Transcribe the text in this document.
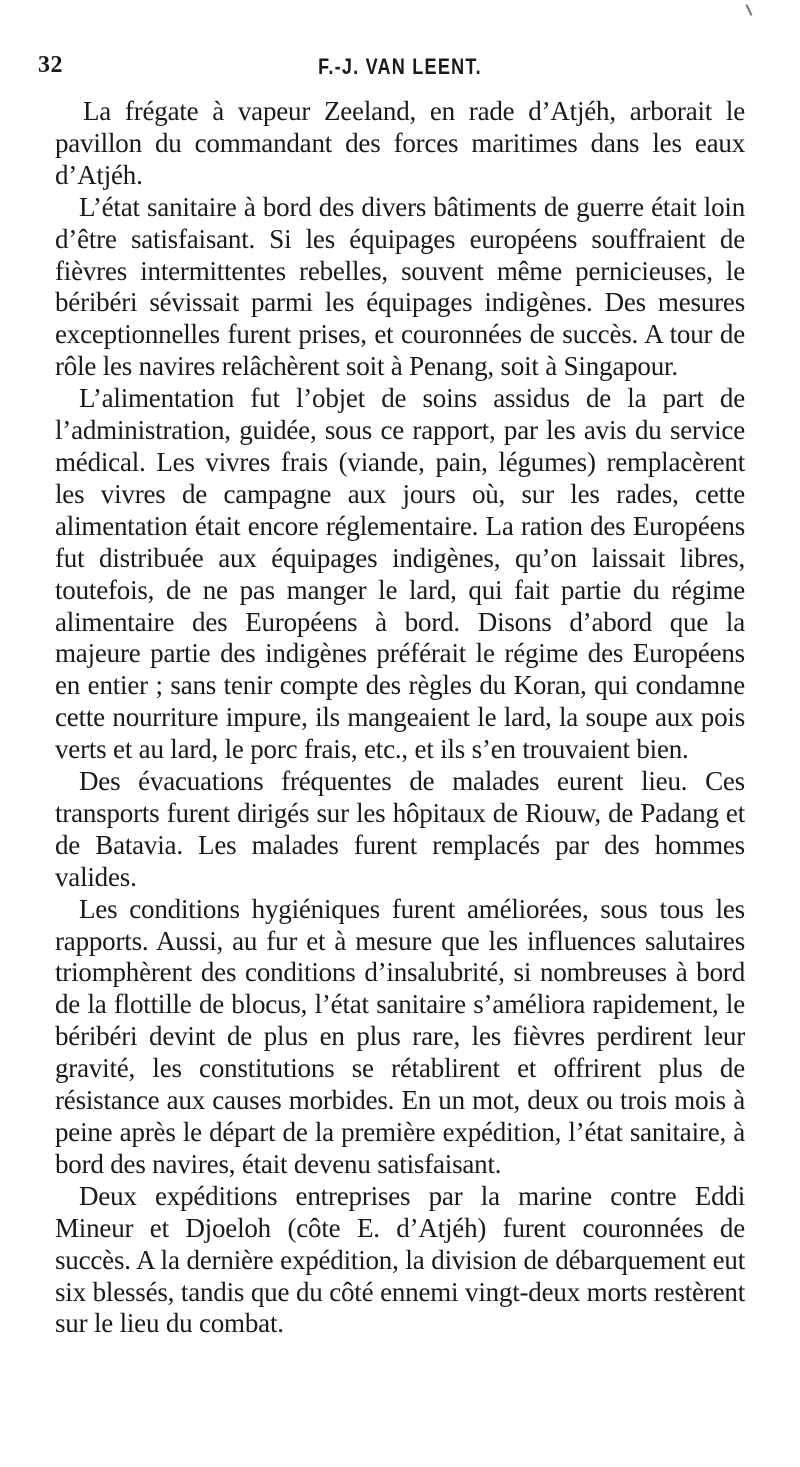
32	F.-J. VAN LEENT.

La frégate à vapeur Zeeland, en rade d’Atjéh, arborait le pavillon du commandant des forces maritimes dans les eaux d’Atjéh.

L’état sanitaire à bord des divers bâtiments de guerre était loin d’être satisfaisant. Si les équipages européens souffraient de fièvres intermittentes rebelles, souvent même pernicieuses, le béribéri sévissait parmi les équipages indigènes. Des mesures exceptionnelles furent prises, et couronnées de succès. A tour de rôle les navires relâchèrent soit à Penang, soit à Singapour.

L’alimentation fut l’objet de soins assidus de la part de l’administration, guidée, sous ce rapport, par les avis du service médical. Les vivres frais (viande, pain, légumes) remplacèrent les vivres de campagne aux jours où, sur les rades, cette alimentation était encore réglementaire. La ration des Européens fut distribuée aux équipages indigènes, qu’on laissait libres, toutefois, de ne pas manger le lard, qui fait partie du régime alimentaire des Européens à bord. Disons d’abord que la majeure partie des indigènes préférait le régime des Européens en entier ; sans tenir compte des règles du Koran, qui condamne cette nourriture impure, ils mangeaient le lard, la soupe aux pois verts et au lard, le porc frais, etc., et ils s’en trouvaient bien.

Des évacuations fréquentes de malades eurent lieu. Ces transports furent dirigés sur les hôpitaux de Riouw, de Padang et de Batavia. Les malades furent remplacés par des hommes valides.

Les conditions hygiéniques furent améliorées, sous tous les rapports. Aussi, au fur et à mesure que les influences salutaires triomphèrent des conditions d’insalubrité, si nombreuses à bord de la flottille de blocus, l’état sanitaire s’améliora rapidement, le béribéri devint de plus en plus rare, les fièvres perdirent leur gravité, les constitutions se rétablirent et offrirent plus de résistance aux causes morbides. En un mot, deux ou trois mois à peine après le départ de la première expédition, l’état sanitaire, à bord des navires, était devenu satisfaisant.

Deux expéditions entreprises par la marine contre Eddi Mineur et Djoeloh (côte E. d’Atjéh) furent couronnées de succès. A la dernière expédition, la division de débarquement eut six blessés, tandis que du côté ennemi vingt-deux morts restèrent sur le lieu du combat.
